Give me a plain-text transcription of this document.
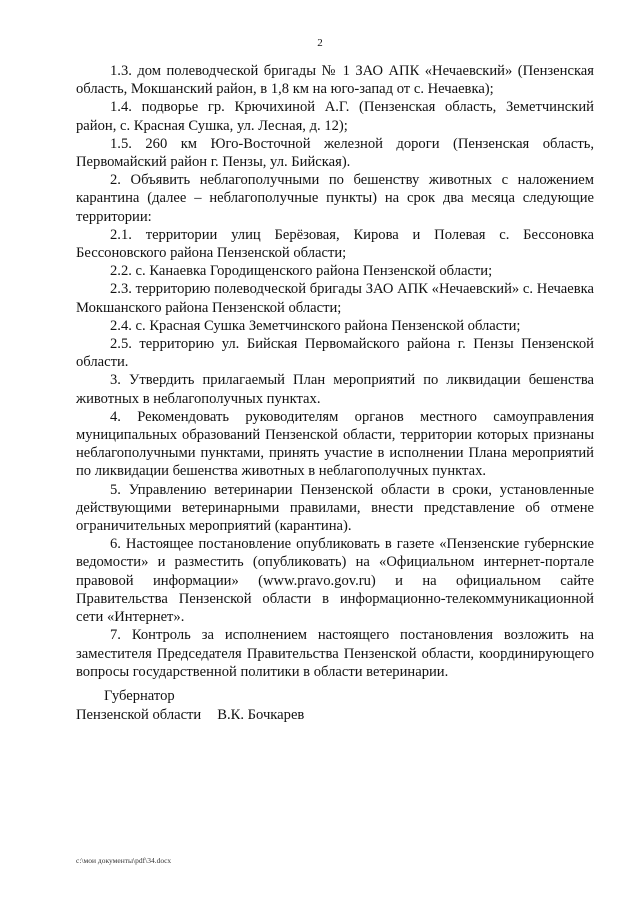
2

1.3. дом полеводческой бригады № 1 ЗАО АПК «Нечаевский» (Пензенская область, Мокшанский район, в 1,8 км на юго-запад от с. Нечаевка);

1.4. подворье гр. Крючихиной А.Г. (Пензенская область, Земетчинский район, с. Красная Сушка, ул. Лесная, д. 12);

1.5. 260 км Юго-Восточной железной дороги (Пензенская область, Первомайский район г. Пензы, ул. Бийская).

2. Объявить неблагополучными по бешенству животных с наложением карантина (далее – неблагополучные пункты) на срок два месяца следующие территории:

2.1. территории улиц Берёзовая, Кирова и Полевая с. Бессоновка Бессоновского района Пензенской области;

2.2. с. Канаевка Городищенского района Пензенской области;

2.3. территорию полеводческой бригады ЗАО АПК «Нечаевский» с. Нечаевка Мокшанского района Пензенской области;

2.4. с. Красная Сушка Земетчинского района Пензенской области;

2.5. территорию ул. Бийская Первомайского района г. Пензы Пензенской области.

3. Утвердить прилагаемый План мероприятий по ликвидации бешенства животных в неблагополучных пунктах.

4. Рекомендовать руководителям органов местного самоуправления муниципальных образований Пензенской области, территории которых признаны неблагополучными пунктами, принять участие в исполнении Плана мероприятий по ликвидации бешенства животных в неблагополучных пунктах.

5. Управлению ветеринарии Пензенской области в сроки, установленные действующими ветеринарными правилами, внести представление об отмене ограничительных мероприятий (карантина).

6. Настоящее постановление опубликовать в газете «Пензенские губернские ведомости» и разместить (опубликовать) на «Официальном интернет-портале правовой информации» (www.pravo.gov.ru) и на официальном сайте Правительства Пензенской области в информационно-телекоммуникационной сети «Интернет».

7. Контроль за исполнением настоящего постановления возложить на заместителя Председателя Правительства Пензенской области, координирующего вопросы государственной политики в области ветеринарии.

Губернатор
Пензенской области В.К. Бочкарев
c:\мои документы\pdf\34.docx
